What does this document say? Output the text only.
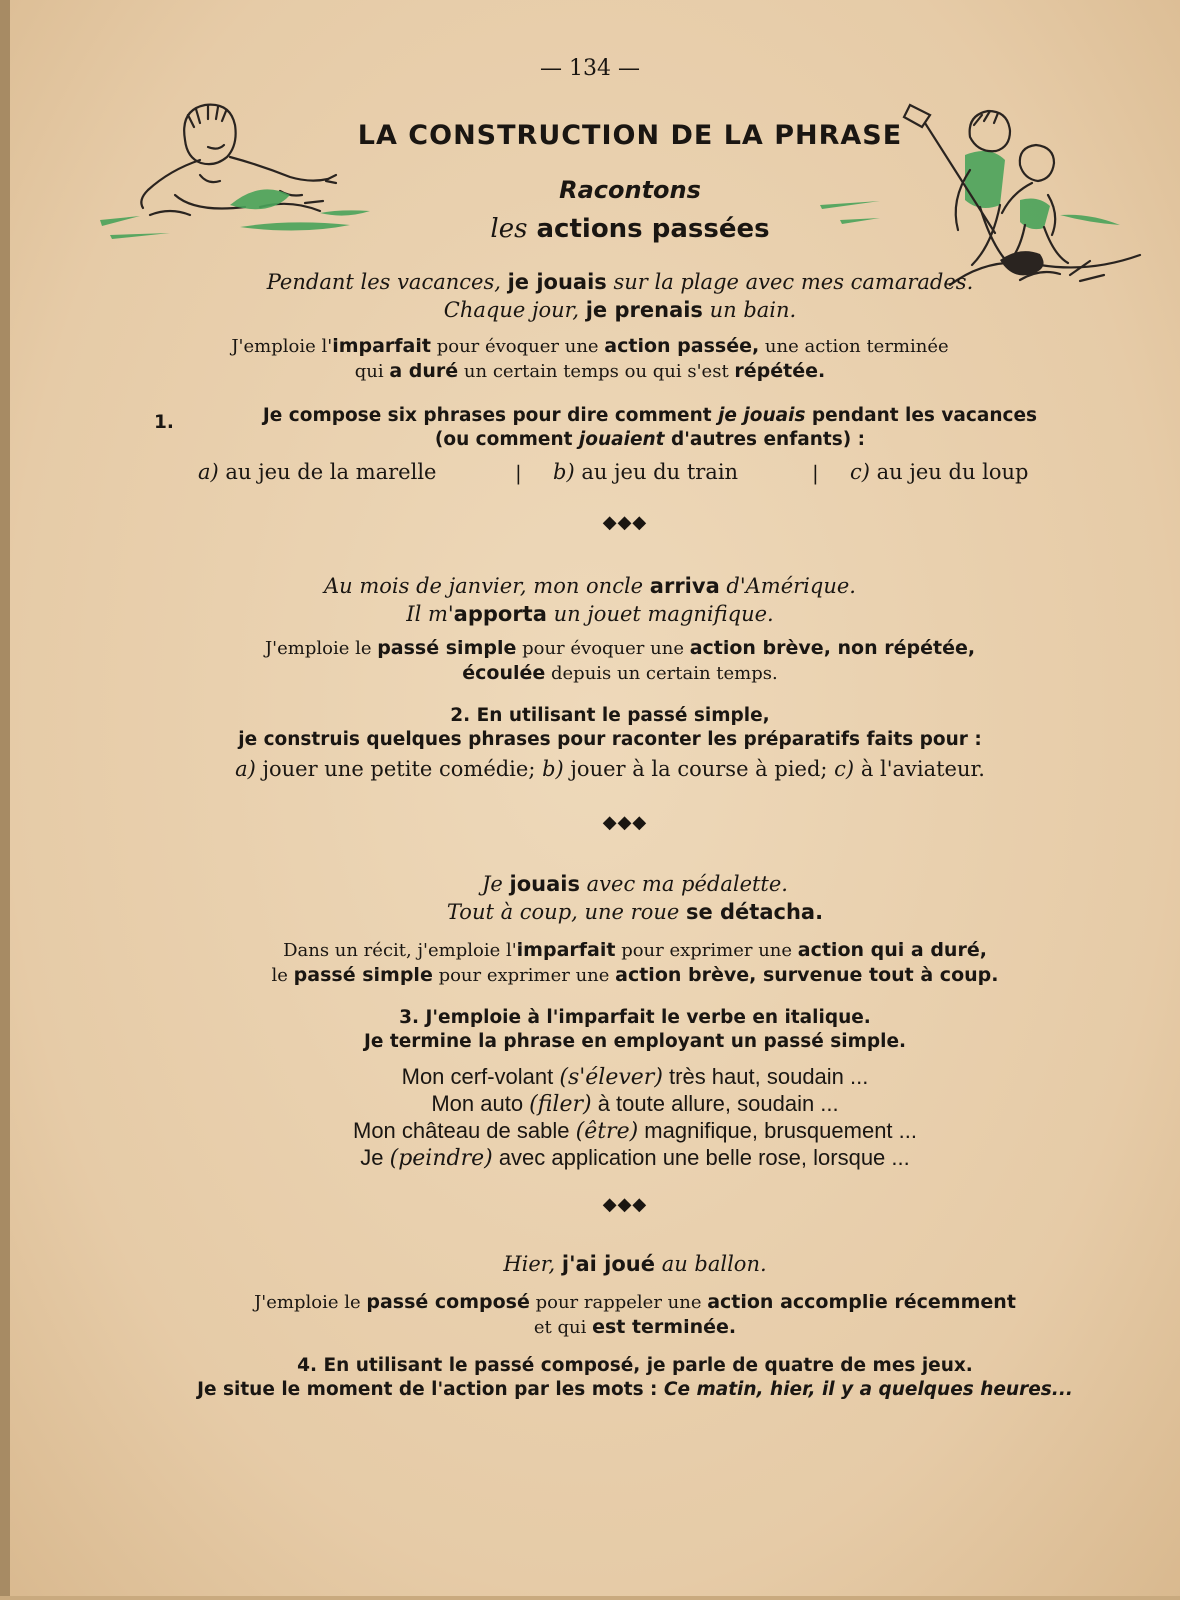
— 134 —
LA CONSTRUCTION DE LA PHRASE
Racontons
les actions passées
Pendant les vacances, je jouais sur la plage avec mes camarades.
Chaque jour, je prenais un bain.
J'emploie l'imparfait pour évoquer une action passée, une action terminée
qui a duré un certain temps ou qui s'est répétée.
1.	Je compose six phrases pour dire comment je jouais pendant les vacances
(ou comment jouaient d'autres enfants) :
a) au jeu de la marelle	| b) au jeu du train	| c) au jeu du loup
◆◆◆
Au mois de janvier, mon oncle arriva d'Amérique.
Il m'apporta un jouet magnifique.
J'emploie le passé simple pour évoquer une action brève, non répétée,
écoulée depuis un certain temps.
2. En utilisant le passé simple,
je construis quelques phrases pour raconter les préparatifs faits pour :
a) jouer une petite comédie; b) jouer à la course à pied; c) à l'aviateur.
◆◆◆
Je jouais avec ma pédalette.
Tout à coup, une roue se détacha.
Dans un récit, j'emploie l'imparfait pour exprimer une action qui a duré,
le passé simple pour exprimer une action brève, survenue tout à coup.
3. J'emploie à l'imparfait le verbe en italique.
Je termine la phrase en employant un passé simple.
Mon cerf-volant (s'élever) très haut, soudain ...
Mon auto (filer) à toute allure, soudain ...
Mon château de sable (être) magnifique, brusquement ...
Je (peindre) avec application une belle rose, lorsque ...
◆◆◆
Hier, j'ai joué au ballon.
J'emploie le passé composé pour rappeler une action accomplie récemment
et qui est terminée.
4. En utilisant le passé composé, je parle de quatre de mes jeux.
Je situe le moment de l'action par les mots : Ce matin, hier, il y a quelques heures...
